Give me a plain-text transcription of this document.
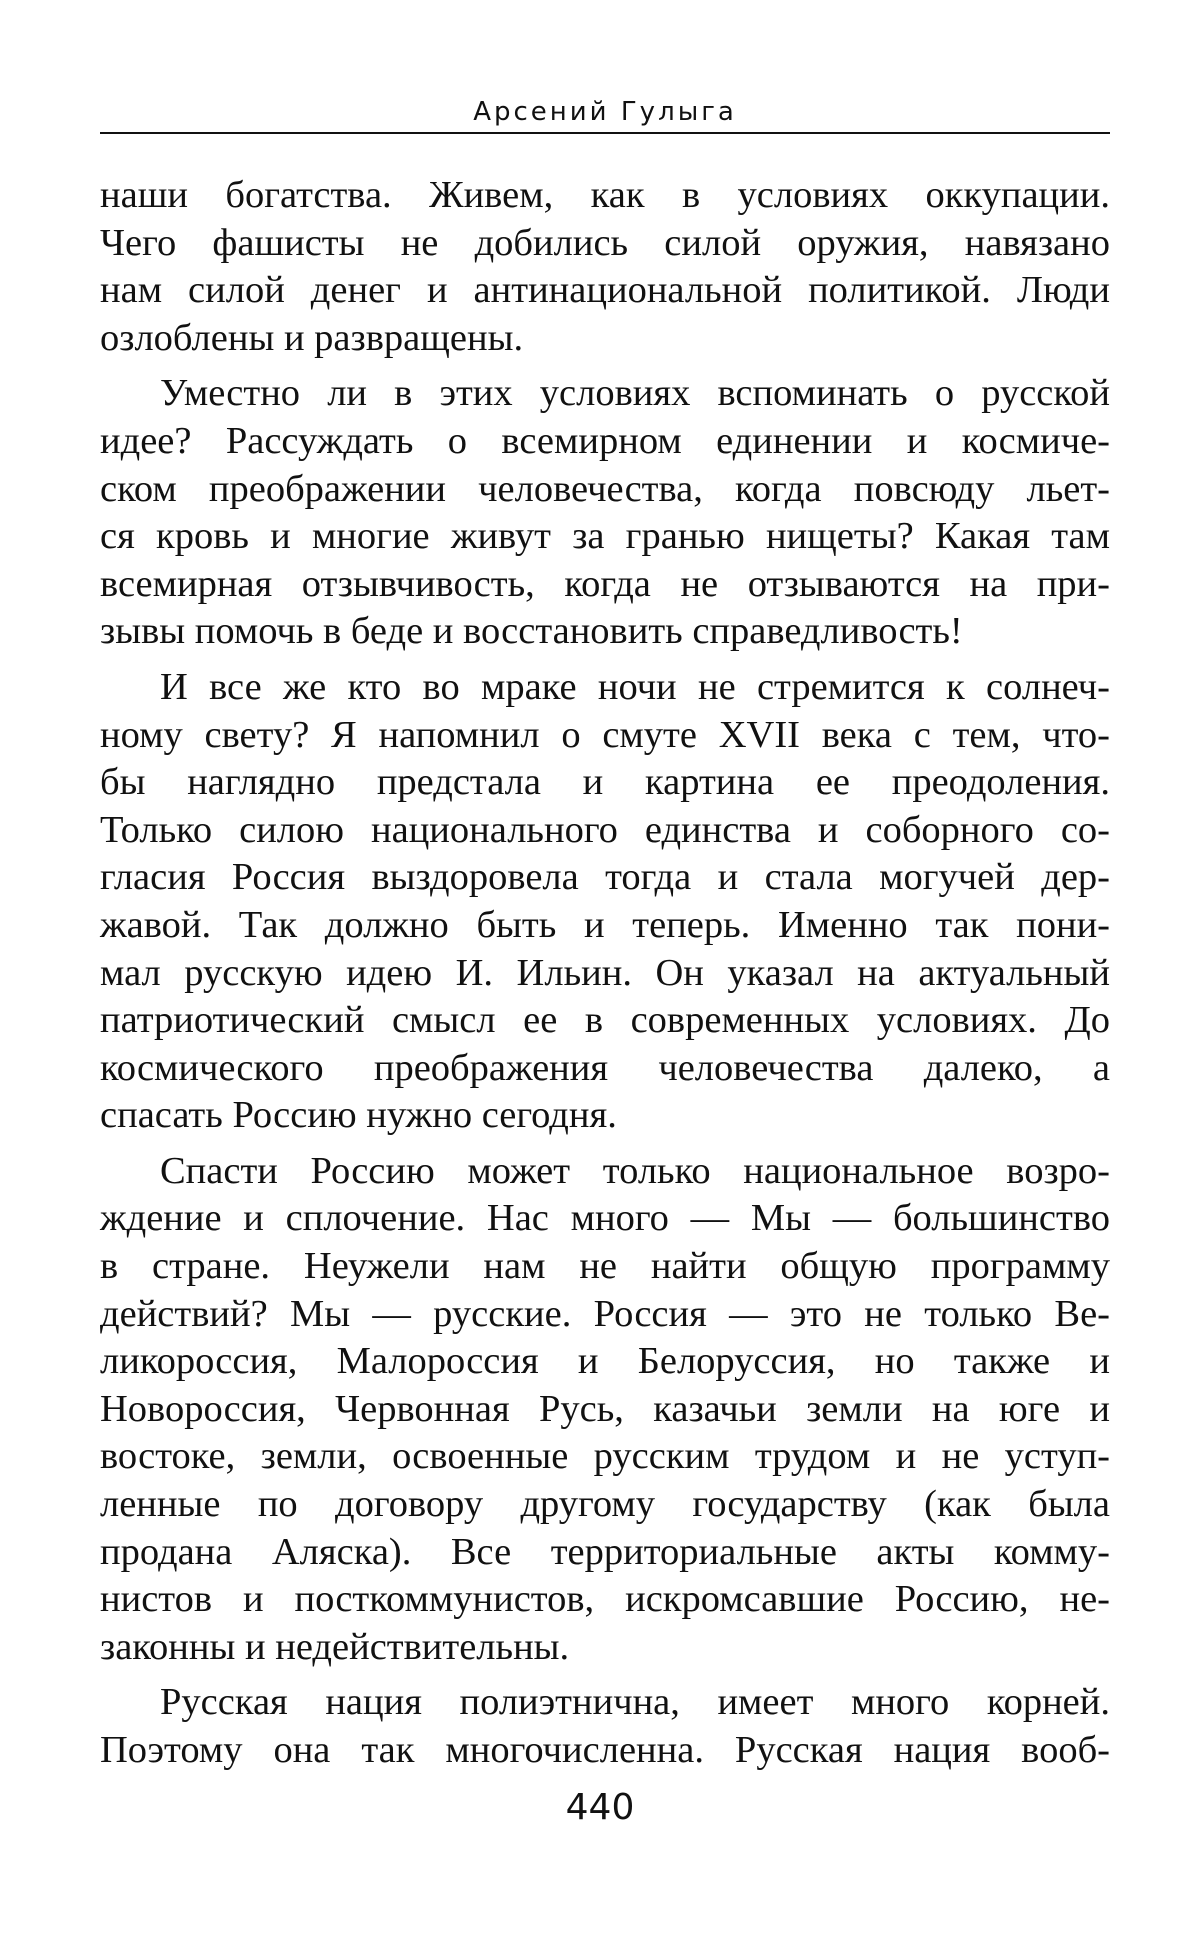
Арсений Гулыга

наши богатства. Живем, как в условиях оккупации.
Чего фашисты не добились силой оружия, навязано
нам силой денег и антинациональной политикой. Люди
озлоблены и развращены.

Уместно ли в этих условиях вспоминать о русской
идее? Рассуждать о всемирном единении и космиче-
ском преображении человечества, когда повсюду льет-
ся кровь и многие живут за гранью нищеты? Какая там
всемирная отзывчивость, когда не отзываются на при-
зывы помочь в беде и восстановить справедливость!

И все же кто во мраке ночи не стремится к солнеч-
ному свету? Я напомнил о смуте XVII века с тем, что-
бы наглядно предстала и картина ее преодоления.
Только силою национального единства и соборного со-
гласия Россия выздоровела тогда и стала могучей дер-
жавой. Так должно быть и теперь. Именно так пони-
мал русскую идею И. Ильин. Он указал на актуальный
патриотический смысл ее в современных условиях. До
космического преображения человечества далеко, а
спасать Россию нужно сегодня.

Спасти Россию может только национальное возро-
ждение и сплочение. Нас много — Мы — большинство
в стране. Неужели нам не найти общую программу
действий? Мы — русские. Россия — это не только Ве-
ликороссия, Малороссия и Белоруссия, но также и
Новороссия, Червонная Русь, казачьи земли на юге и
востоке, земли, освоенные русским трудом и не уступ-
ленные по договору другому государству (как была
продана Аляска). Все территориальные акты комму-
нистов и посткоммунистов, искромсавшие Россию, не-
законны и недействительны.

Русская нация полиэтнична, имеет много корней.
Поэтому она так многочисленна. Русская нация вооб-

440
